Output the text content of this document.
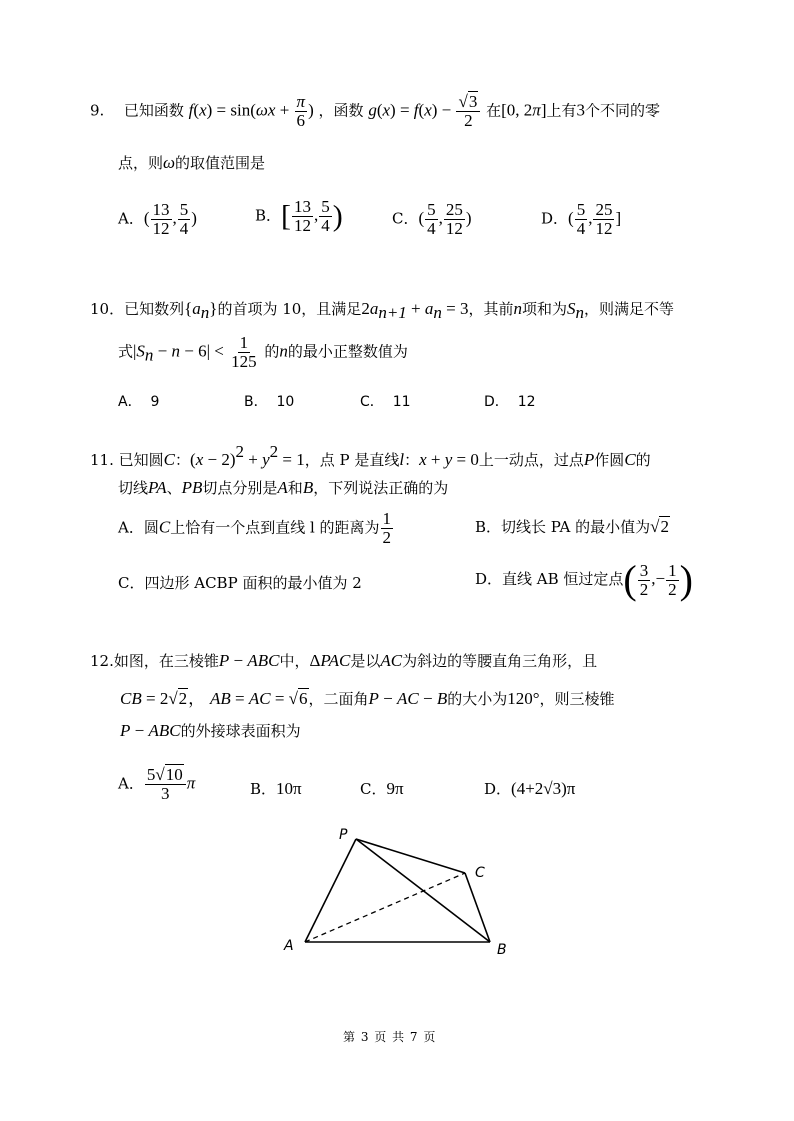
9. 已知函数 $f(x) = \sin(\omega x + \frac{\pi}{6}$ ) ，函数 $g(x) = f(x) - \frac{√3}{2}$ 在[0, 2π]上有3个不同的零
点，则ω的取值范围是
A．( $\frac{13}{12}$ , $\frac{5}{4}$ )	B．[ $\frac{13}{12}$ , $\frac{5}{4}$ )	C．( $\frac{5}{4}$ , $\frac{25}{12}$ )	D．( $\frac{5}{4}$ , $\frac{25}{12}$ ]
10．已知数列$\{a_n\}$的首项为 10，且满足$2a_{n+1} + a_n = 3$，其前n项和为$S_n$，则满足不等
式$|S_n - n - 6| < \frac{1}{125}$ 的n的最小正整数值为
A． 9	B． 10	C． 11	D． 12
11. 已知圆C：$(x - 2)^2 + y^2 = 1$，点 P 是直线l：x + y = 0上一动点，过点P作圆C的
切线PA、PB切点分别是A和B，下列说法正确的为
A．圆C上恰有一个点到直线 l 的距离为 $\frac{1}{2}$	B．切线长 PA 的最小值为√2
C．四边形 ACBP 面积的最小值为 2	D．直线 AB 恒过定点( $\frac{3}{2}$ ,− $\frac{1}{2}$ )
12.如图，在三棱锥P − ABC中，ΔPAC是以AC为斜边的等腰直角三角形，且
CB = 2√2， AB = AC = √6，二面角P − AC − B的大小为120°，则三棱锥
P − ABC的外接球表面积为
A． $\frac{5√10}{3}$ π	B．10π	C．9π	D．(4+2√3)π
P
C
A	B
第 3 页 共 7 页
